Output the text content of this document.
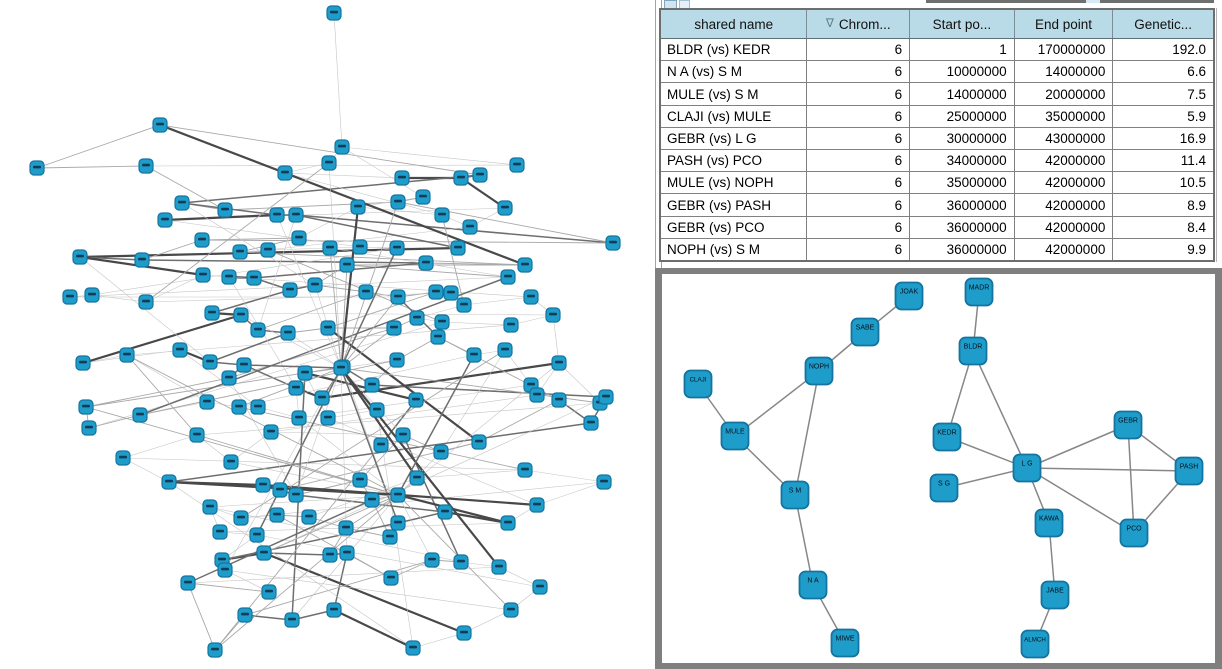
shared name	∇ Chrom...	Start po...	End point	Genetic...
BLDR (vs) KEDR	6	1	170000000	192.0
N A (vs) S M	6	10000000	14000000	6.6
MULE (vs) S M	6	14000000	20000000	7.5
CLAJI (vs) MULE	6	25000000	35000000	5.9
GEBR (vs) L G	6	30000000	43000000	16.9
PASH (vs) PCO	6	34000000	42000000	11.4
MULE (vs) NOPH	6	35000000	42000000	10.5
GEBR (vs) PASH	6	36000000	42000000	8.9
GEBR (vs) PCO	6	36000000	42000000	8.4
NOPH (vs) S M	6	36000000	42000000	9.9
JOAK
MADR
SABE
NOPH
CLAJI
BLDR
MULE	KEDR
GEBR
L G	PASH
S M
S G
KAWA
PCO
N A
JABE
MIWE	ALMCH
